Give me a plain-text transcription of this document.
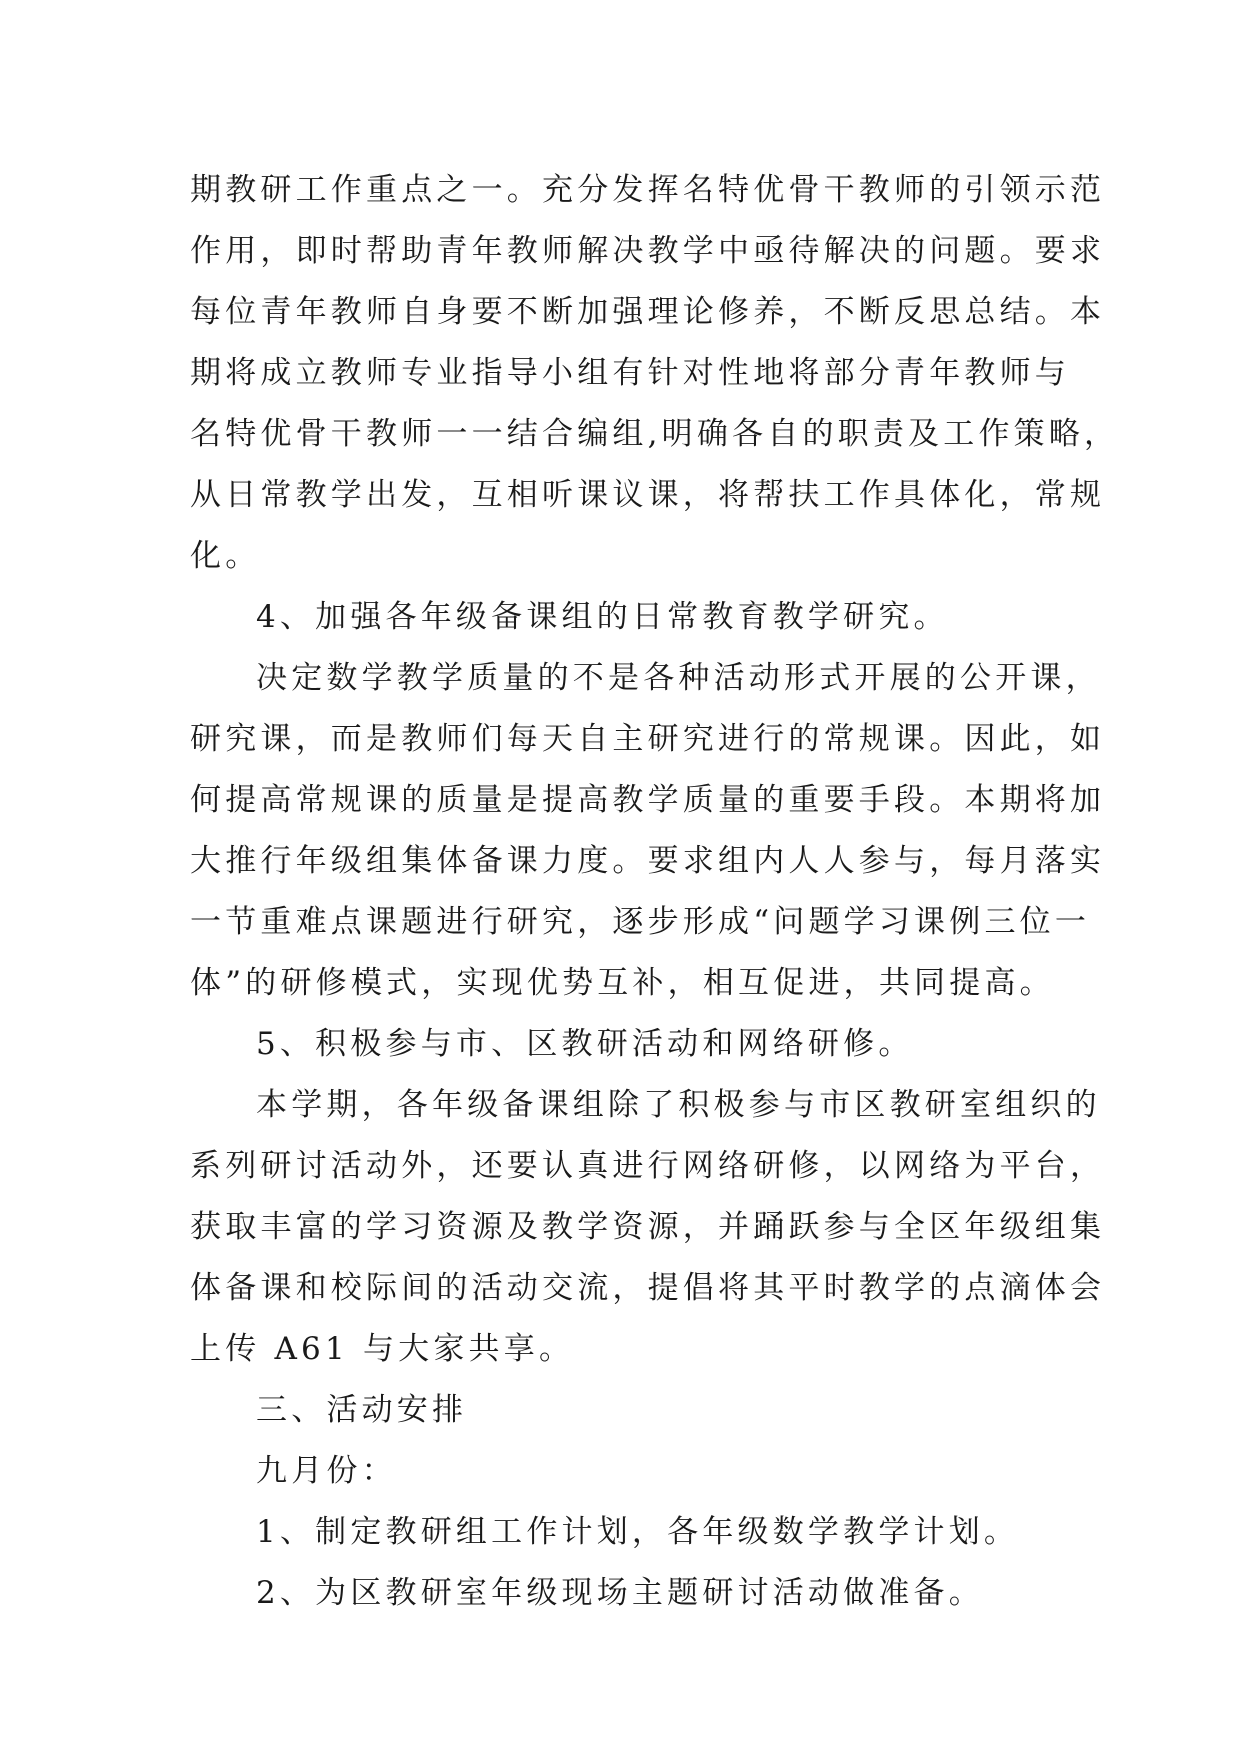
期教研工作重点之一。充分发挥名特优骨干教师的引领示范
作用，即时帮助青年教师解决教学中亟待解决的问题。要求
每位青年教师自身要不断加强理论修养，不断反思总结。本
期将成立教师专业指导小组有针对性地将部分青年教师与
名特优骨干教师一一结合编组,明确各自的职责及工作策略，
从日常教学出发，互相听课议课，将帮扶工作具体化，常规
化。
4、加强各年级备课组的日常教育教学研究。
决定数学教学质量的不是各种活动形式开展的公开课，
研究课，而是教师们每天自主研究进行的常规课。因此，如
何提高常规课的质量是提高教学质量的重要手段。本期将加
大推行年级组集体备课力度。要求组内人人参与，每月落实
一节重难点课题进行研究，逐步形成“问题学习课例三位一
体”的研修模式，实现优势互补，相互促进，共同提高。
5、积极参与市、区教研活动和网络研修。
本学期，各年级备课组除了积极参与市区教研室组织的
系列研讨活动外，还要认真进行网络研修，以网络为平台，
获取丰富的学习资源及教学资源，并踊跃参与全区年级组集
体备课和校际间的活动交流，提倡将其平时教学的点滴体会
上传 A61 与大家共享。
三、活动安排
九月份：
1、制定教研组工作计划，各年级数学教学计划。
2、为区教研室年级现场主题研讨活动做准备。
